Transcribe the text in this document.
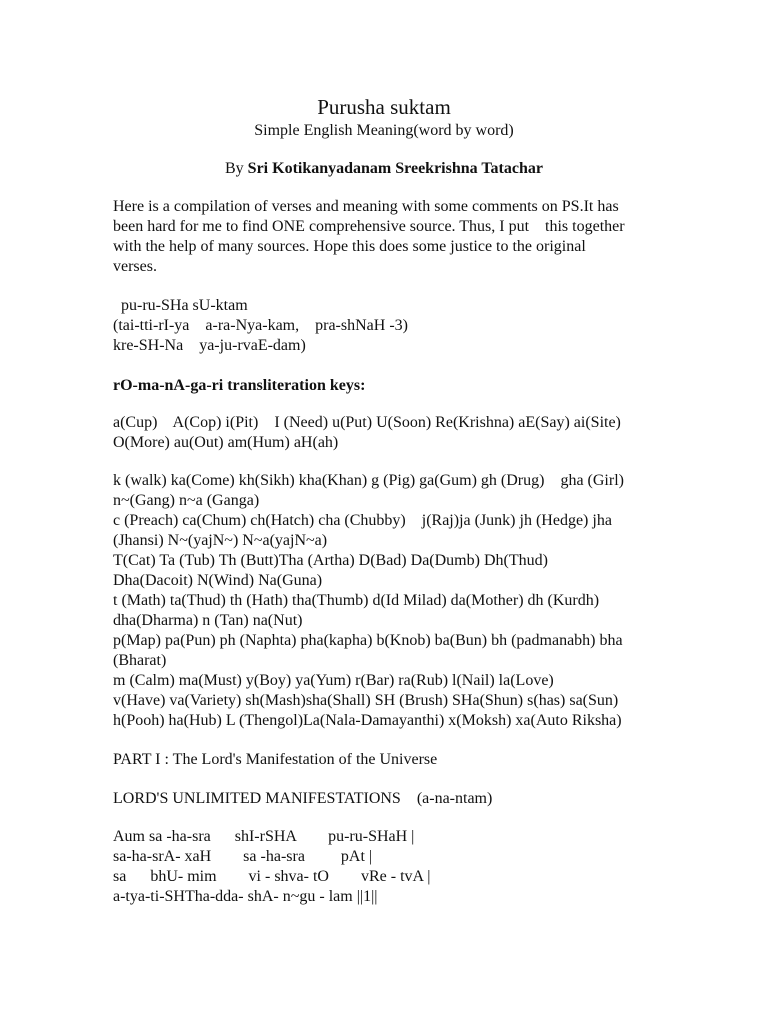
Purusha suktam
Simple English Meaning(word by word)
By Sri Kotikanyadanam Sreekrishna Tatachar
Here is a compilation of verses and meaning with some comments on PS.It has
been hard for me to find ONE comprehensive source. Thus, I put    this together
with the help of many sources. Hope this does some justice to the original
verses.
pu-ru-SHa sU-ktam
(tai-tti-rI-ya    a-ra-Nya-kam,    pra-shNaH -3)
kre-SH-Na    ya-ju-rvaE-dam)
rO-ma-nA-ga-ri transliteration keys:
a(Cup)    A(Cop) i(Pit)    I (Need) u(Put) U(Soon) Re(Krishna) aE(Say) ai(Site)
O(More) au(Out) am(Hum) aH(ah)
k (walk) ka(Come) kh(Sikh) kha(Khan) g (Pig) ga(Gum) gh (Drug)    gha (Girl)
n~(Gang) n~a (Ganga)
c (Preach) ca(Chum) ch(Hatch) cha (Chubby)    j(Raj)ja (Junk) jh (Hedge) jha
(Jhansi) N~(yajN~) N~a(yajN~a)
T(Cat) Ta (Tub) Th (Butt)Tha (Artha) D(Bad) Da(Dumb) Dh(Thud)
Dha(Dacoit) N(Wind) Na(Guna)
t (Math) ta(Thud) th (Hath) tha(Thumb) d(Id Milad) da(Mother) dh (Kurdh)
dha(Dharma) n (Tan) na(Nut)
p(Map) pa(Pun) ph (Naphta) pha(kapha) b(Knob) ba(Bun) bh (padmanabh) bha
(Bharat)
m (Calm) ma(Must) y(Boy) ya(Yum) r(Bar) ra(Rub) l(Nail) la(Love)
v(Have) va(Variety) sh(Mash)sha(Shall) SH (Brush) SHa(Shun) s(has) sa(Sun)
h(Pooh) ha(Hub) L (Thengol)La(Nala-Damayanthi) x(Moksh) xa(Auto Riksha)
PART I : The Lord's Manifestation of the Universe
LORD'S UNLIMITED MANIFESTATIONS    (a-na-ntam)
Aum sa -ha-sra      shI-rSHA        pu-ru-SHaH |
sa-ha-srA- xaH        sa -ha-sra         pAt |
sa      bhU- mim        vi - shva- tO        vRe - tvA |
a-tya-ti-SHTha-dda- shA- n~gu - lam ||1||
